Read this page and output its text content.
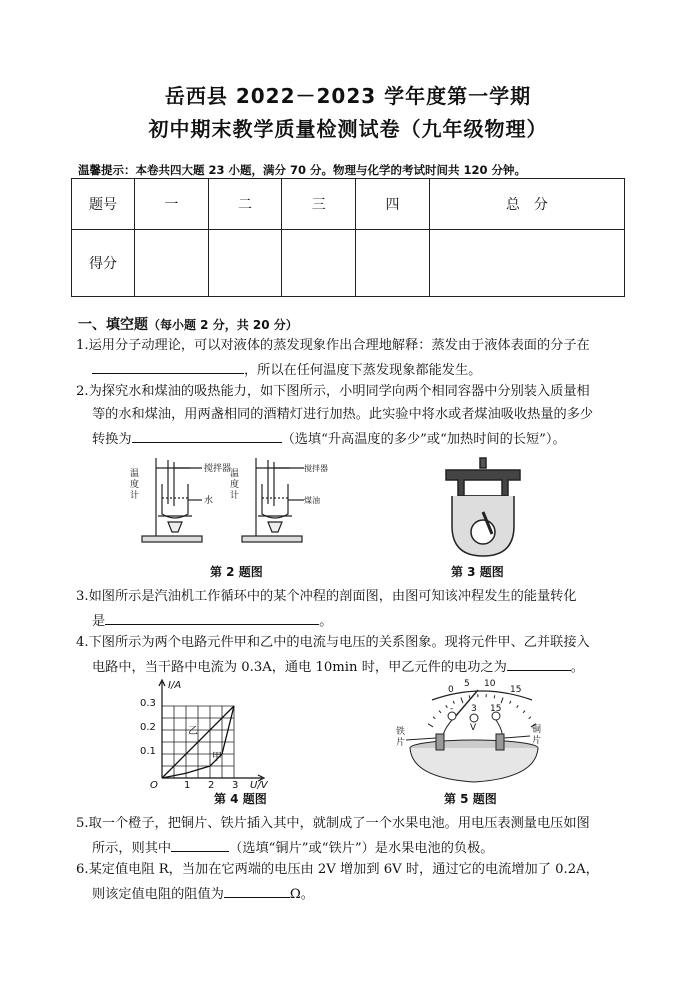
岳西县 2022－2023 学年度第一学期
初中期末教学质量检测试卷（九年级物理）
温馨提示：本卷共四大题 23 小题，满分 70 分。物理与化学的考试时间共 120 分钟。
题号	一	二	三	四	总　分
得分					
一、填空题（每小题 2 分，共 20 分）
1.运用分子动理论，可以对液体的蒸发现象作出合理地解释：蒸发由于液体表面的分子在
，所以在任何温度下蒸发现象都能发生。
2.为探究水和煤油的吸热能力，如下图所示，小明同学向两个相同容器中分别装入质量相
等的水和煤油，用两盏相同的酒精灯进行加热。此实验中将水或者煤油吸收热量的多少
转换为	（选填“升高温度的多少”或“加热时间的长短”）。
温
度
计
搅拌器
水
温
度
计
搅拌器
煤油
第 2 题图	第 3 题图
3.如图所示是汽油机工作循环中的某个冲程的剖面图，由图可知该冲程发生的能量转化
是	。
4.下图所示为两个电路元件甲和乙中的电流与电压的关系图象。现将元件甲、乙并联接入
电路中，当干路中电流为 0.3A，通电 10min 时，甲乙元件的电功之为	。
I/A
U/V
O
0.3
0.2
0.1
1 2 3
乙
甲
第 4 题图
0
5 10
15
- 3 15
V
铁
片
铜
片
第 5 题图
5.取一个橙子，把铜片、铁片插入其中，就制成了一个水果电池。用电压表测量电压如图
所示，则其中	（选填“铜片”或“铁片”）是水果电池的负极。
6.某定值电阻 R，当加在它两端的电压由 2V 增加到 6V 时，通过它的电流增加了 0.2A，
则该定值电阻的阻值为	Ω。
